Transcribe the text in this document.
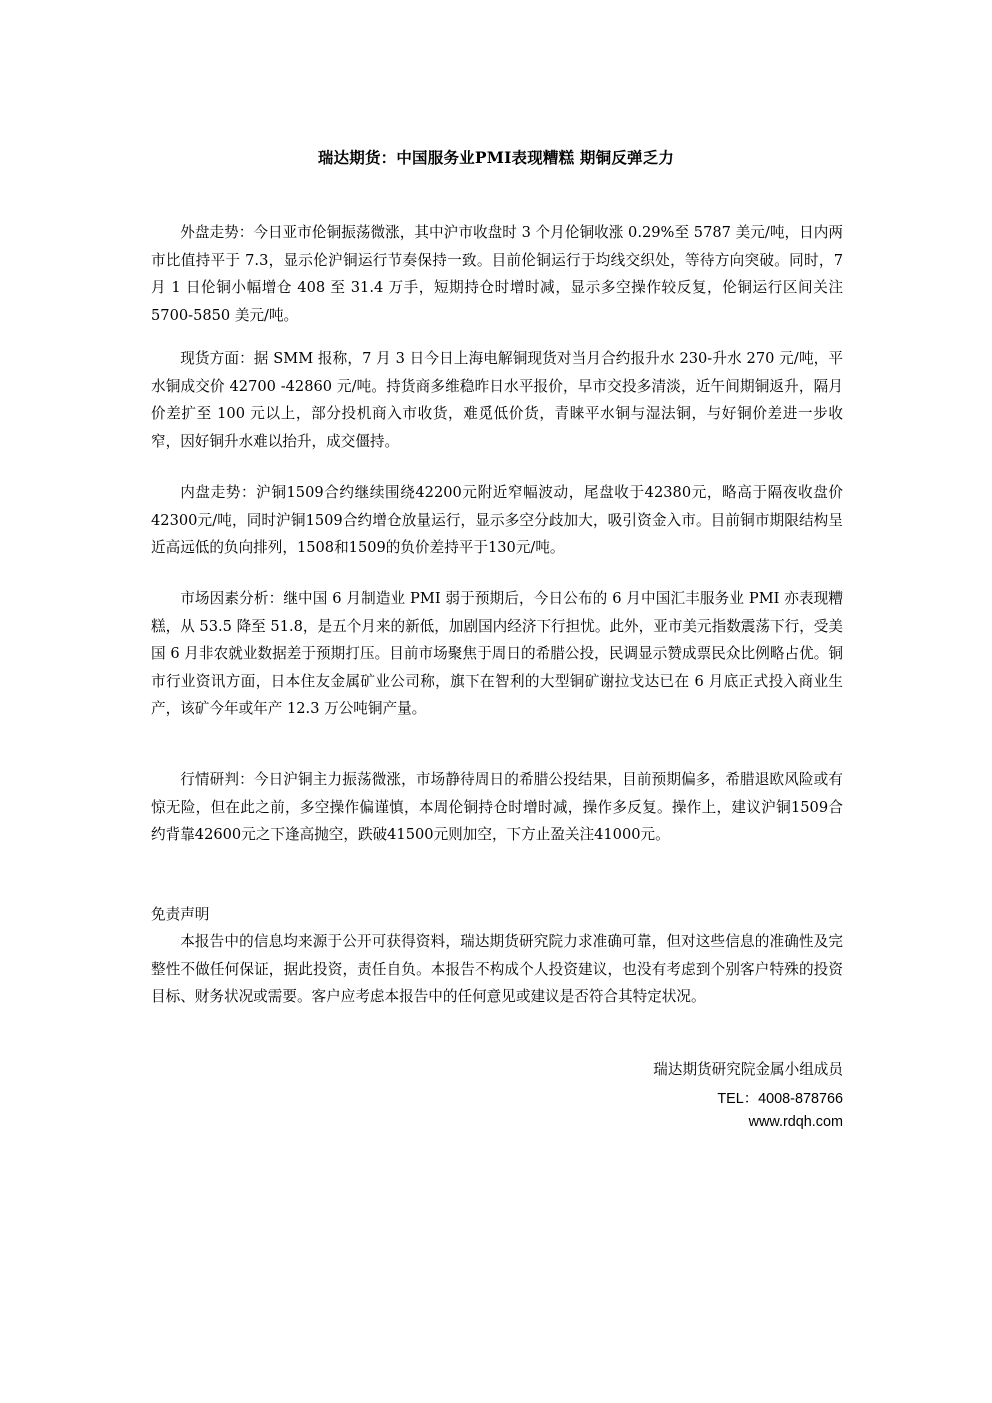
瑞达期货：中国服务业PMI表现糟糕 期铜反弹乏力

外盘走势：今日亚市伦铜振荡微涨，其中沪市收盘时 3 个月伦铜收涨 0.29%至 5787 美元/吨，日内两市比值持平于 7.3，显示伦沪铜运行节奏保持一致。目前伦铜运行于均线交织处，等待方向突破。同时，7 月 1 日伦铜小幅增仓 408 至 31.4 万手，短期持仓时增时减，显示多空操作较反复，伦铜运行区间关注 5700-5850 美元/吨。

现货方面：据 SMM 报称，7 月 3 日今日上海电解铜现货对当月合约报升水 230-升水 270 元/吨，平水铜成交价 42700 -42860 元/吨。持货商多维稳昨日水平报价，早市交投多清淡，近午间期铜返升，隔月价差扩至 100 元以上，部分投机商入市收货，难觅低价货，青睐平水铜与湿法铜，与好铜价差进一步收窄，因好铜升水难以抬升，成交僵持。

内盘走势：沪铜1509合约继续围绕42200元附近窄幅波动，尾盘收于42380元，略高于隔夜收盘价42300元/吨，同时沪铜1509合约增仓放量运行，显示多空分歧加大，吸引资金入市。目前铜市期限结构呈近高远低的负向排列，1508和1509的负价差持平于130元/吨。

市场因素分析：继中国 6 月制造业 PMI 弱于预期后，今日公布的 6 月中国汇丰服务业 PMI 亦表现糟糕，从 53.5 降至 51.8，是五个月来的新低，加剧国内经济下行担忧。此外，亚市美元指数震荡下行，受美国 6 月非农就业数据差于预期打压。目前市场聚焦于周日的希腊公投，民调显示赞成票民众比例略占优。铜市行业资讯方面，日本住友金属矿业公司称，旗下在智利的大型铜矿谢拉戈达已在 6 月底正式投入商业生产，该矿今年或年产 12.3 万公吨铜产量。

行情研判：今日沪铜主力振荡微涨，市场静待周日的希腊公投结果，目前预期偏多，希腊退欧风险或有惊无险，但在此之前，多空操作偏谨慎，本周伦铜持仓时增时减，操作多反复。操作上，建议沪铜1509合约背靠42600元之下逢高抛空，跌破41500元则加空，下方止盈关注41000元。

免责声明

本报告中的信息均来源于公开可获得资料，瑞达期货研究院力求准确可靠，但对这些信息的准确性及完整性不做任何保证，据此投资，责任自负。本报告不构成个人投资建议，也没有考虑到个别客户特殊的投资目标、财务状况或需要。客户应考虑本报告中的任何意见或建议是否符合其特定状况。

瑞达期货研究院金属小组成员
TEL：4008-878766
www.rdqh.com
